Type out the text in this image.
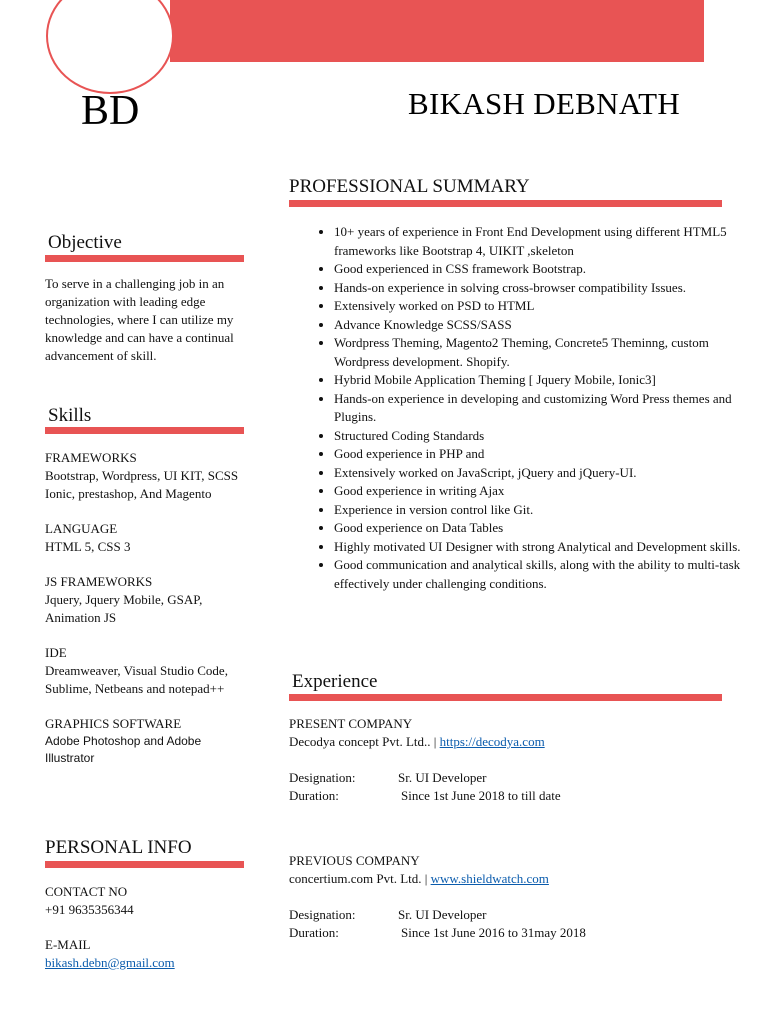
BD	BIKASH DEBNATH
Objective
To serve in a challenging job in an organization with leading edge technologies, where I can utilize my knowledge and can have a continual advancement of skill.
Skills
FRAMEWORKS
Bootstrap, Wordpress, UI KIT, SCSS Ionic, prestashop, And Magento
LANGUAGE
HTML 5, CSS 3
JS FRAMEWORKS
Jquery, Jquery Mobile, GSAP, Animation JS
IDE
Dreamweaver, Visual Studio Code, Sublime, Netbeans and notepad++
GRAPHICS SOFTWARE
Adobe Photoshop and Adobe Illustrator
PERSONAL INFO
CONTACT NO
+91 9635356344
E-MAIL
bikash.debn@gmail.com
PROFESSIONAL SUMMARY
• 10+ years of experience in Front End Development using different HTML5 frameworks like Bootstrap 4, UIKIT ,skeleton
• Good experienced in CSS framework Bootstrap.
• Hands-on experience in solving cross-browser compatibility Issues.
• Extensively worked on PSD to HTML
• Advance Knowledge SCSS/SASS
• Wordpress Theming, Magento2 Theming, Concrete5 Theminng, custom Wordpress development. Shopify.
• Hybrid Mobile Application Theming [ Jquery Mobile, Ionic3]
• Hands-on experience in developing and customizing Word Press themes and Plugins.
• Structured Coding Standards
• Good experience in PHP and
• Extensively worked on JavaScript, jQuery and jQuery-UI.
• Good experience in writing Ajax
• Experience in version control like Git.
• Good experience on Data Tables
• Highly motivated UI Designer with strong Analytical and Development skills.
• Good communication and analytical skills, along with the ability to multi-task effectively under challenging conditions.
Experience
PRESENT COMPANY
Decodya concept Pvt. Ltd.. | https://decodya.com
Designation:	Sr. UI Developer
Duration:	Since 1st June 2018 to till date
PREVIOUS COMPANY
concertium.com Pvt. Ltd. | www.shieldwatch.com
Designation:	Sr. UI Developer
Duration:	Since 1st June 2016 to 31may 2018
